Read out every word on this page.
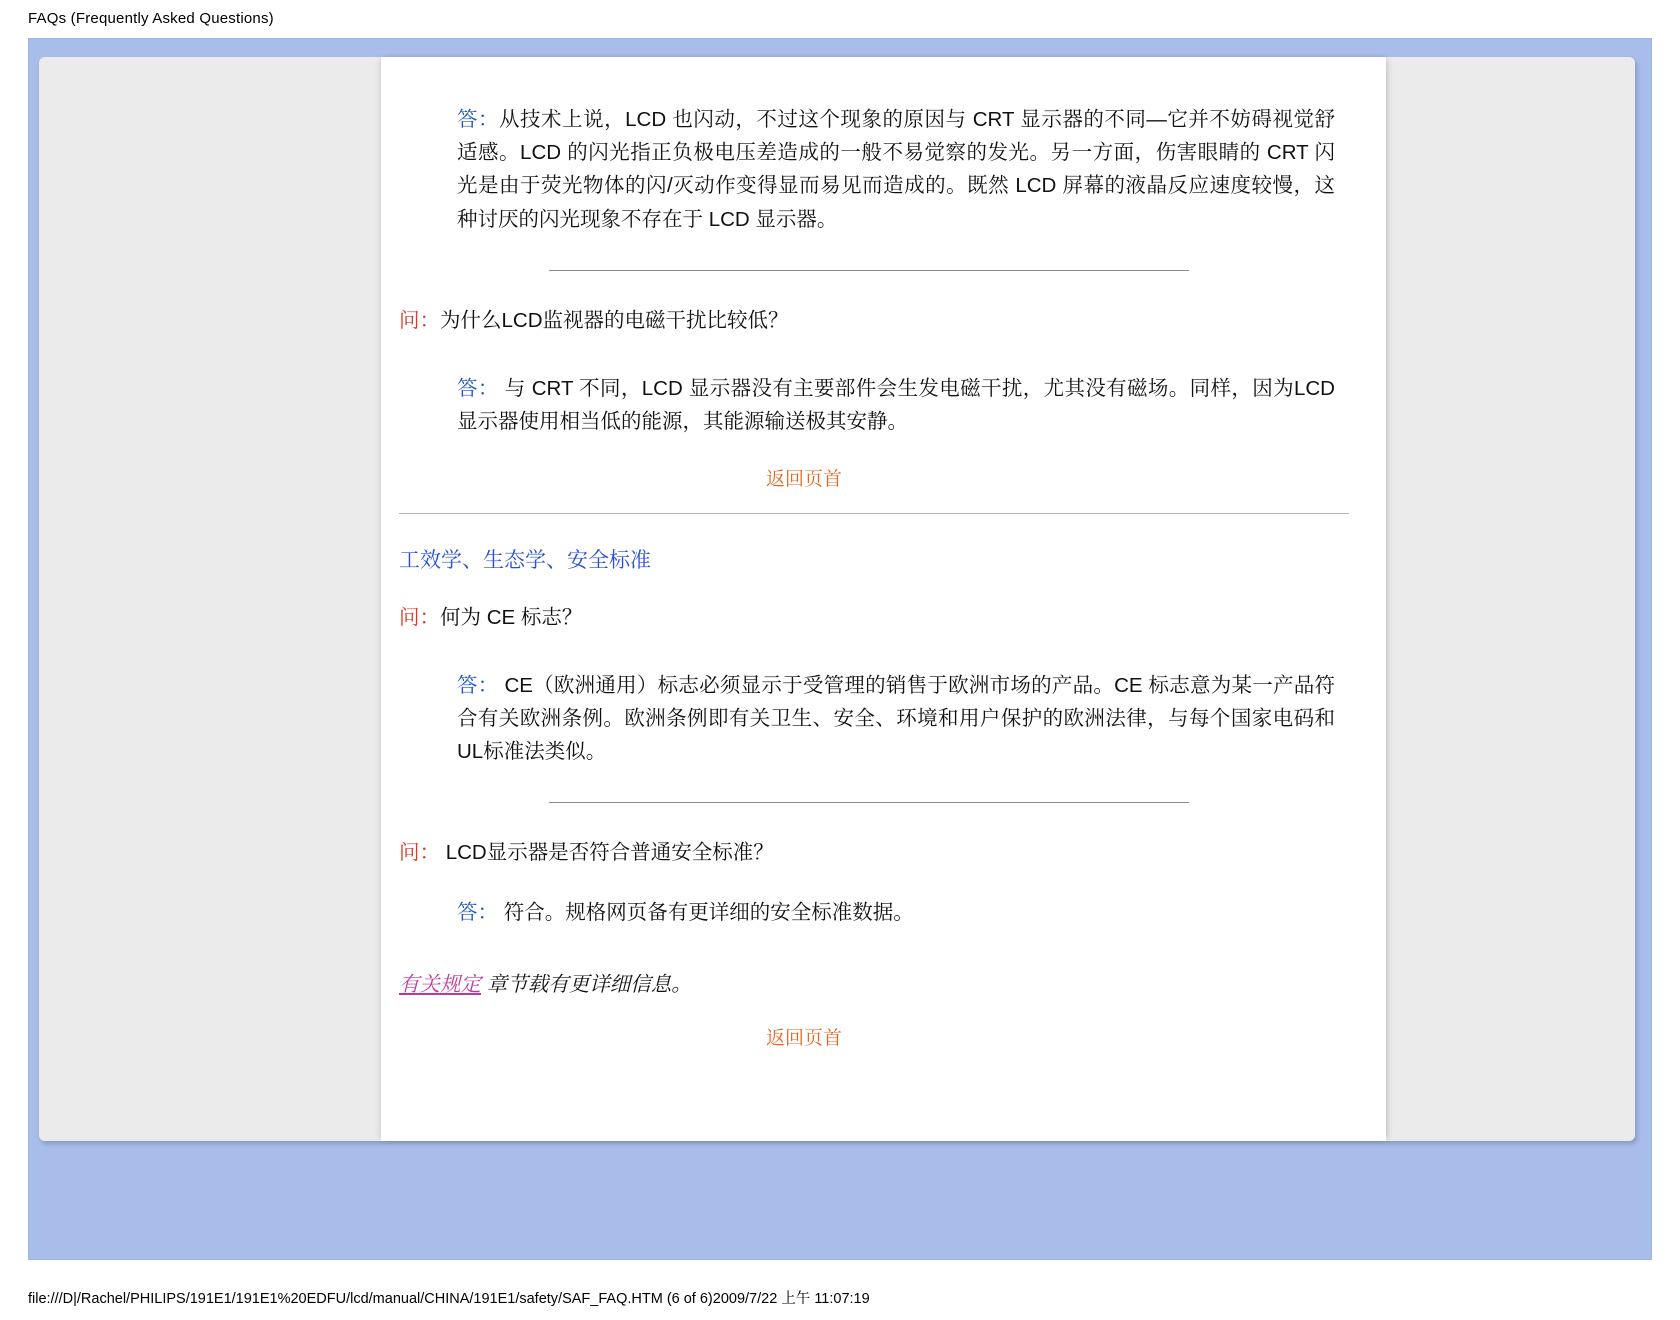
FAQs (Frequently Asked Questions)

答：从技术上说，LCD 也闪动，不过这个现象的原因与 CRT 显示器的不同—它并不妨碍视觉舒适感。LCD 的闪光指正负极电压差造成的一般不易觉察的发光。另一方面，伤害眼睛的 CRT 闪光是由于荧光物体的闪/灭动作变得显而易见而造成的。既然 LCD 屏幕的液晶反应速度较慢，这种讨厌的闪光现象不存在于 LCD 显示器。

问：为什么LCD监视器的电磁干扰比较低？

答： 与 CRT 不同，LCD 显示器没有主要部件会生发电磁干扰，尤其没有磁场。同样，因为LCD显示器使用相当低的能源，其能源输送极其安静。

返回页首
工效学、生态学、安全标准

问：何为 CE 标志？

答： CE（欧洲通用）标志必须显示于受管理的销售于欧洲市场的产品。CE 标志意为某一产品符合有关欧洲条例。欧洲条例即有关卫生、安全、环境和用户保护的欧洲法律，与每个国家电码和UL标准法类似。

问： LCD显示器是否符合普通安全标准？

答： 符合。规格网页备有更详细的安全标准数据。

有关规定 章节载有更详细信息。

返回页首
file:///D|/Rachel/PHILIPS/191E1/191E1%20EDFU/lcd/manual/CHINA/191E1/safety/SAF_FAQ.HTM (6 of 6)2009/7/22 上午 11:07:19
